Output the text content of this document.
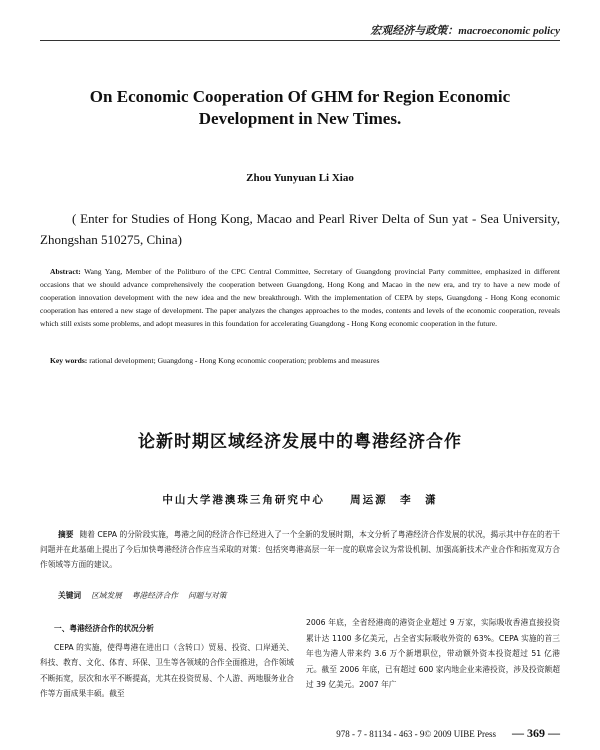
宏观经济与政策：macroeconomic policy
On Economic Cooperation Of GHM for Region Economic
Development in New Times.
Zhou Yunyuan Li Xiao
( Enter for Studies of Hong Kong, Macao and Pearl River Delta of Sun yat - Sea University, Zhongshan 510275, China)
Abstract: Wang Yang, Member of the Politburo of the CPC Central Committee, Secretary of Guangdong provincial Party committee, emphasized in different occasions that we should advance comprehensively the cooperation between Guangdong, Hong Kong and Macao in the new era, and try to have a new mode of cooperation innovation development with the new idea and the new breakthrough. With the implementation of CEPA by steps, Guangdong - Hong Kong economic cooperation has entered a new stage of development. The paper analyzes the changes approaches to the modes, contents and levels of the economic cooperation, reveals which still exists some problems, and adopt measures in this foundation for accelerating Guangdong - Hong Kong economic cooperation in the future.
Key words: rational development; Guangdong - Hong Kong economic cooperation; problems and measures
论新时期区域经济发展中的粤港经济合作
中山大学港澳珠三角研究中心 周运源　李　潇
摘要 随着 CEPA 的分阶段实施，粤港之间的经济合作已经进入了一个全新的发展时期，本文分析了粤港经济合作发展的状况，揭示其中存在的若干问题并在此基础上提出了今后加快粤港经济合作应当采取的对策：包括突粤港高层一年一度的联席会议为常设机制、加强高新技术产业合作和拓宽双方合作领域等方面的建议。
关键词 区域发展 粤港经济合作 问题与对策

一、粤港经济合作的状况分析

CEPA 的实施，使得粤港在进出口（含转口）贸易、投资、口岸通关、科技、教育、文化、体育、环保、卫生等各领域的合作全面推进，合作领域不断拓宽，层次和水平不断提高，尤其在投资贸易、个人游、两地服务业合作等方面成果丰硕。截至

2006 年底，全省经港商的港资企业超过 9 万家，实际吸收香港直接投资累计达 1100 多亿美元，占全省实际吸收外资的 63%。CEPA 实施的首三年也为港人带来约 3.6 万个新增职位，带动额外资本投资超过 51 亿港元。截至 2006 年底，已有超过 600 家内地企业来港投资，涉及投资额超过 39 亿美元。2007 年广

978 - 7 - 81134 - 463 - 9© 2009 UIBE Press — 369 —
